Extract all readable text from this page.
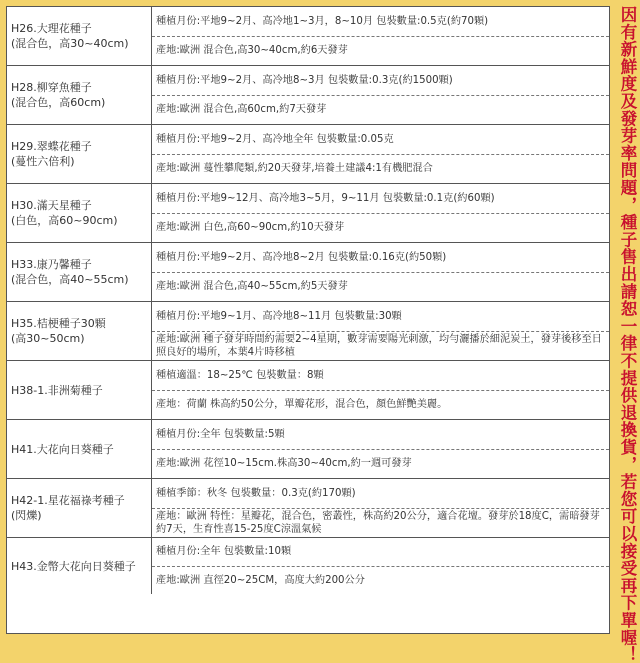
H26.大理花種子
(混合色，高30~40cm)
種植月份:平地9~2月、高冷地1~3月，8~10月 包裝數量:0.5克(約70顆)
產地:歐洲 混合色,高30~40cm,約6天發芽
H28.柳穿魚種子
(混合色，高60cm)
種植月份:平地9~2月、高冷地8~3月 包裝數量:0.3克(約1500顆)
產地:歐洲 混合色,高60cm,約7天發芽
H29.翠蝶花種子
(蔓性六倍利)
種植月份:平地9~2月、高冷地全年 包裝數量:0.05克
產地:歐洲 蔓性攀爬類,約20天發芽,培養土建議4:1有機肥混合
H30.滿天星種子
(白色，高60~90cm)
種植月份:平地9~12月、高冷地3~5月，9~11月 包裝數量:0.1克(約60顆)
產地:歐洲 白色,高60~90cm,約10天發芽
H33.康乃馨種子
(混合色，高40~55cm)
種植月份:平地9~2月、高冷地8~2月 包裝數量:0.16克(約50顆)
產地:歐洲 混合色,高40~55cm,約5天發芽
H35.桔梗種子30顆
(高30~50cm)
種植月份:平地9~1月、高冷地8~11月 包裝數量:30顆
產地:歐洲 種子發芽時間約需要2~4星期，數芽需要陽光刺激，均勻灑播於細泥炭土，發芽後移至日照良好的場所，本葉4片時移植
H38-1.非洲菊種子
種植適溫：18~25℃ 包裝數量：8顆
產地：荷蘭 株高約50公分，單瓣花形，混合色，顏色鮮艷美麗。
H41.大花向日葵種子
種植月份:全年 包裝數量:5顆
產地:歐洲 花徑10~15cm.株高30~40cm,約一週可發芽
H42-1.星花福祿考種子
(閃爍)
種植季節：秋冬 包裝數量：0.3克(約170顆)
產地：歐洲 特性：星瓣花，混合色，密叢性，株高約20公分，適合花壇。發芽於18度C，需暗發芽約7天，生育性喜15-25度C涼溫氣候
H43.金幣大花向日葵種子
種植月份:全年 包裝數量:10顆
產地:歐洲 直徑20~25CM，高度大約200公分	因有新鮮度及發芽率問題，種子售出請恕一律不提供退換貨，若您可以接受再下單喔！
